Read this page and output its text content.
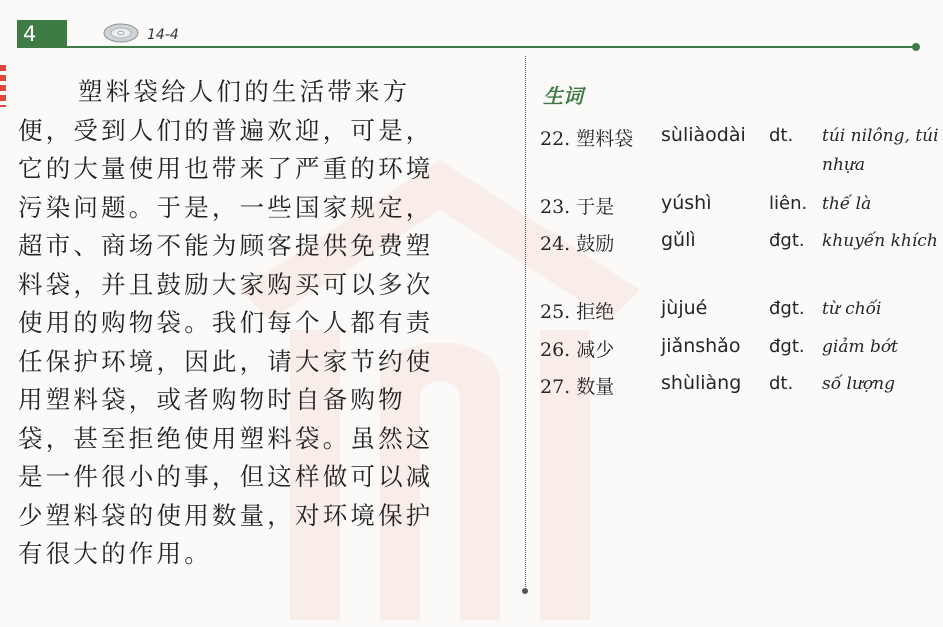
4	14-4
塑料袋给人们的生活带来方
便，受到人们的普遍欢迎，可是，
它的大量使用也带来了严重的环境
污染问题。于是，一些国家规定，
超市、商场不能为顾客提供免费塑
料袋，并且鼓励大家购买可以多次
使用的购物袋。我们每个人都有责
任保护环境，因此，请大家节约使
用塑料袋，或者购物时自备购物
袋，甚至拒绝使用塑料袋。虽然这
是一件很小的事，但这样做可以减
少塑料袋的使用数量，对环境保护
有很大的作用。
生词
22. 塑料袋 sùliàodài dt. túi nilông, túi nhựa
23. 于是 yúshì	liên. thế là
24. 鼓励 gǔlì	đgt. khuyến khích
25. 拒绝 jùjué	đgt. từ chối
26. 减少 jiǎnshǎo đgt. giảm bớt
27. 数量 shùliàng dt. số lượng
